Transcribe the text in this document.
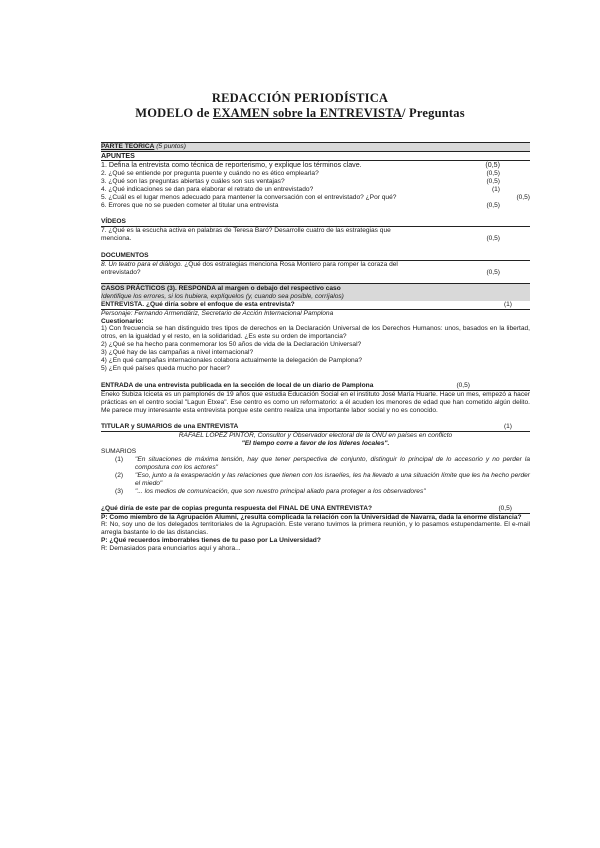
REDACCIÓN PERIODÍSTICA
MODELO de EXAMEN sobre la ENTREVISTA/ Preguntas
PARTE TEÓRICA (5 puntos)
APUNTES
1. Defina la entrevista como técnica de reporterismo, y explique los términos clave.	(0,5)
2. ¿Qué se entiende por pregunta puente y cuándo no es ético emplearla?	(0,5)
3. ¿Qué son las preguntas abiertas y cuáles son sus ventajas?	(0,5)
4. ¿Qué indicaciones se dan para elaborar el retrato de un entrevistado?	(1)
5. ¿Cuál es el lugar menos adecuado para mantener la conversación con el entrevistado? ¿Por qué?	(0,5)
6. Errores que no se pueden cometer al titular una entrevista	(0,5)
VÍDEOS
7. ¿Qué es la escucha activa en palabras de Teresa Baró? Desarrolle cuatro de las estrategias que
menciona.	(0,5)
DOCUMENTOS
8. Un teatro para el diálogo. ¿Qué dos estrategias menciona Rosa Montero para romper la coraza del
entrevistado?	(0,5)
CASOS PRÁCTICOS (3). RESPONDA al margen o debajo del respectivo caso
Identifique los errores, si los hubiera, explíquelos (y, cuando sea posible, corríjalos)
ENTREVISTA. ¿Qué diría sobre el enfoque de esta entrevista?	(1)
Personaje: Fernando Armendáriz, Secretario de Acción Internacional Pamplona
Cuestionario:
1) Con frecuencia se han distinguido tres tipos de derechos en la Declaración Universal de los Derechos Humanos: unos, basados en la libertad, otros, en la igualdad y el resto, en la solidaridad. ¿Es este su orden de importancia?
2) ¿Qué se ha hecho para conmemorar los 50 años de vida de la Declaración Universal?
3) ¿Qué hay de las campañas a nivel internacional?
4) ¿En qué campañas internacionales colabora actualmente la delegación de Pamplona?
5) ¿En qué países queda mucho por hacer?
ENTRADA de una entrevista publicada en la sección de local de un diario de Pamplona	(0,5)
Eneko Subiza Iciceta es un pamplonés de 19 años que estudia Educación Social en el instituto José María Huarte. Hace un mes, empezó a hacer prácticas en el centro social "Lagun Etxea". Ese centro es como un reformatorio: a él acuden los menores de edad que han cometido algún delito. Me parece muy interesante esta entrevista porque este centro realiza una importante labor social y no es conocido.
TITULAR y SUMARIOS de una ENTREVISTA	(1)
RAFAEL LÓPEZ PINTOR, Consultor y Observador electoral de la ONU en países en conflicto
"El tiempo corre a favor de los líderes locales".
SUMARIOS
(1)	"En situaciones de máxima tensión, hay que tener perspectiva de conjunto, distinguir lo principal de lo accesorio y no perder la compostura con los actores"
(2)	"Eso, junto a la exasperación y las relaciones que tienen con los israelíes, les ha llevado a una situación límite que les ha hecho perder el miedo"
(3)	"... los medios de comunicación, que son nuestro principal aliado para proteger a los observadores"
¿Qué diría de este par de copias pregunta respuesta del FINAL DE UNA ENTREVISTA?	(0,5)
P: Como miembro de la Agrupación Alumni, ¿resulta complicada la relación con la Universidad de Navarra, dada la enorme distancia?
R: No, soy uno de los delegados territoriales de la Agrupación. Este verano tuvimos la primera reunión, y lo pasamos estupendamente. El e-mail arregla bastante lo de las distancias.
P: ¿Qué recuerdos imborrables tienes de tu paso por La Universidad?
R: Demasiados para enunciarlos aquí y ahora...
